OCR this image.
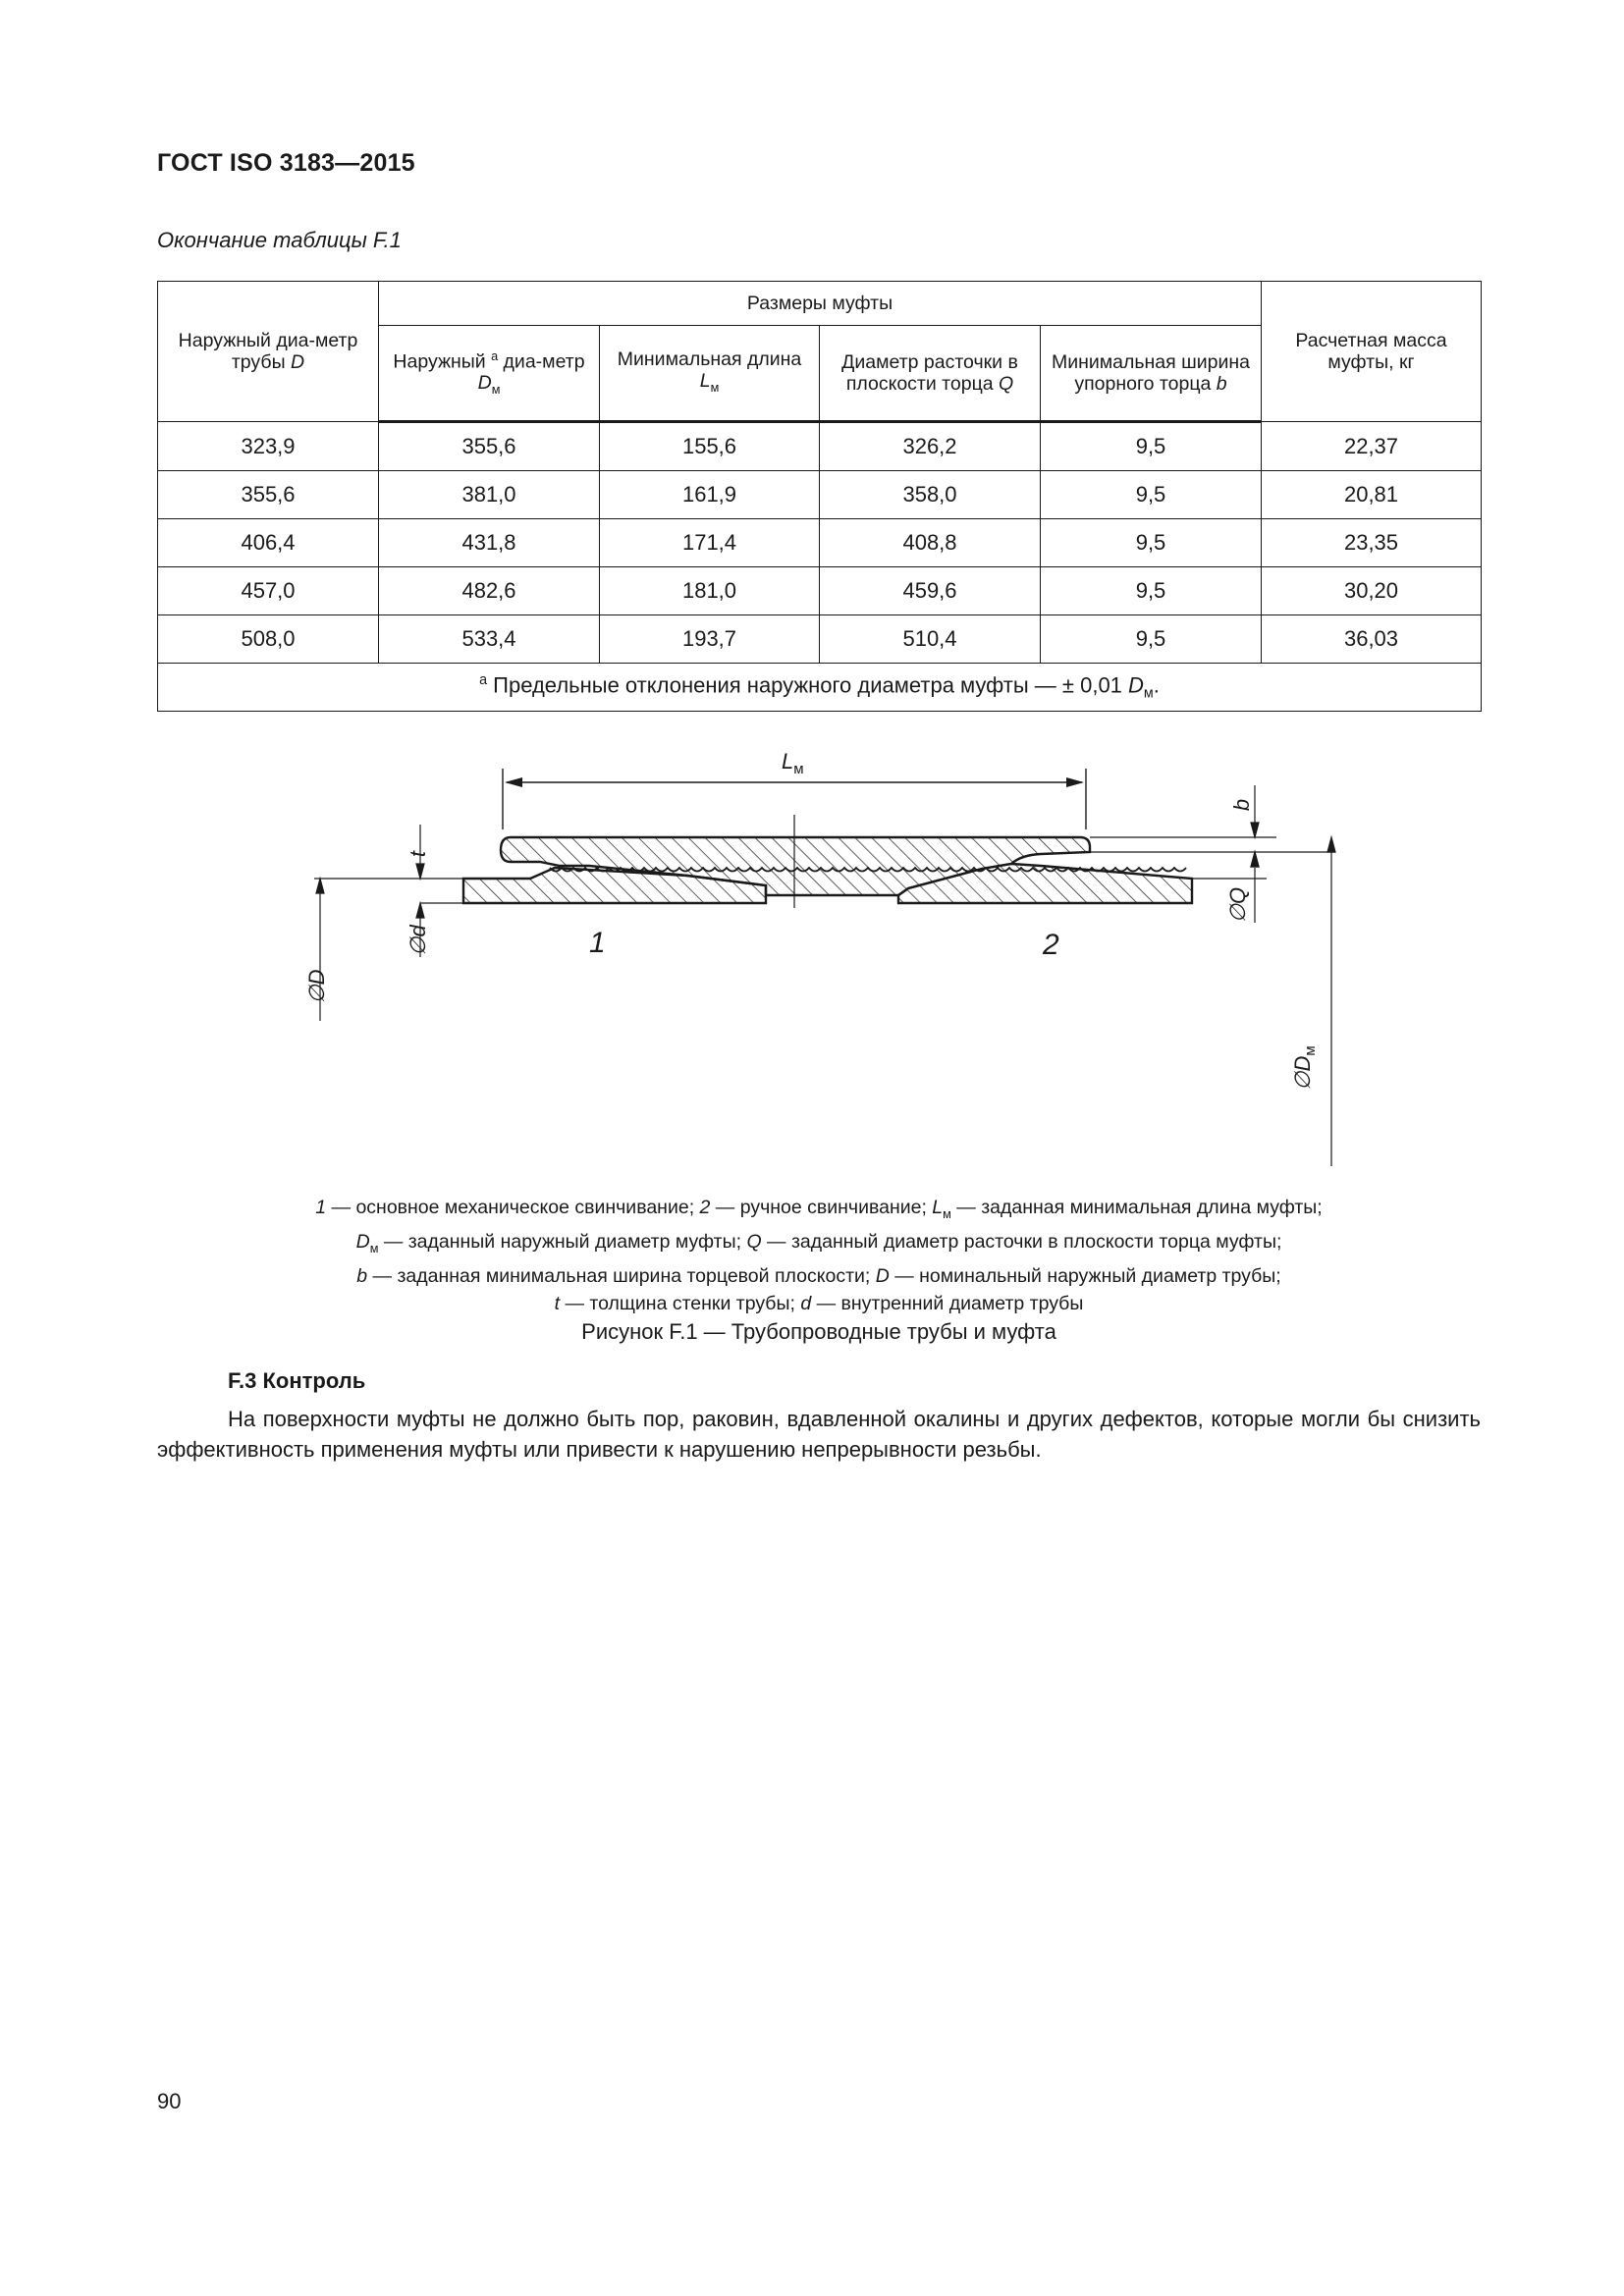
ГОСТ ISO 3183—2015
Окончание таблицы F.1
Наружный диа-метр трубы D	Размеры муфты				Расчетная масса муфты, кг
	Наружный $^a$ диа-метр $D_м$	Минимальная длина $L_м$	Диаметр расточки в плоскости торца Q	Минимальная ширина упорного торца b	
323,9	355,6	155,6	326,2	9,5	22,37
355,6	381,0	161,9	358,0	9,5	20,81
406,4	431,8	171,4	408,8	9,5	23,35
457,0	482,6	181,0	459,6	9,5	30,20
508,0	533,4	193,7	510,4	9,5	36,03
$^a$ Предельные отклонения наружного диаметра муфты — ± 0,01 $D_м$.					
$L_м$
t
∅d
∅D
b
∅Q
$\emptyset D_м$
1	2
1 — основное механическое свинчивание; 2 — ручное свинчивание; $L_м$ — заданная минимальная длина муфты;
$D_м$ — заданный наружный диаметр муфты; Q — заданный диаметр расточки в плоскости торца муфты;
b — заданная минимальная ширина торцевой плоскости; D — номинальный наружный диаметр трубы;
t — толщина стенки трубы; d — внутренний диаметр трубы
Рисунок F.1 — Трубопроводные трубы и муфта
F.3 Контроль
На поверхности муфты не должно быть пор, раковин, вдавленной окалины и других дефектов, которые могли бы снизить эффективность применения муфты или привести к нарушению непрерывности резьбы.
90
